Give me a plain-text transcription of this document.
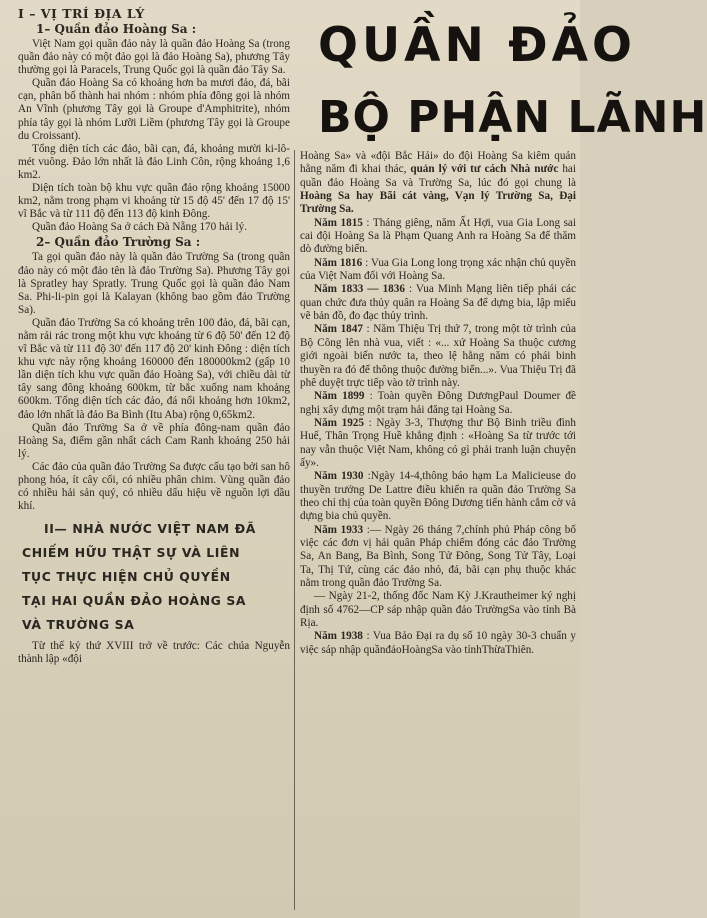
QUẦN ĐẢO
BỘ PHẬN LÃNH
I – VỊ TRÍ ĐỊA LÝ
1– Quần đảo Hoàng Sa :

Việt Nam gọi quần đảo này là quần đảo Hoàng Sa (trong quần đảo này có một đảo gọi là đảo Hoàng Sa), phương Tây thường gọi là Paracels, Trung Quốc gọi là quần đảo Tây Sa.

Quần đảo Hoàng Sa có khoảng hơn ba mươi đảo, đá, bãi cạn, phân bố thành hai nhóm : nhóm phía đông gọi là nhóm An Vĩnh (phương Tây gọi là Groupe d'Amphitrite), nhóm phía tây gọi là nhóm Lưỡi Liềm (phương Tây gọi là Groupe du Croissant).

Tổng diện tích các đảo, bãi cạn, đá, khoảng mười ki-lô-mét vuông. Đảo lớn nhất là đảo Linh Côn, rộng khoảng 1,6 km2.

Diện tích toàn bộ khu vực quần đảo rộng khoảng 15000 km2, nằm trong phạm vi khoảng từ 15 độ 45' đến 17 độ 15' vĩ Bắc và từ 111 độ đến 113 độ kinh Đông.

Quần đảo Hoàng Sa ở cách Đà Nẵng 170 hải lý.

2– Quần đảo Trường Sa :

Ta gọi quần đảo này là quần đảo Trường Sa (trong quần đảo này có một đảo tên là đảo Trường Sa). Phương Tây gọi là Spratley hay Spratly. Trung Quốc gọi là quần đảo Nam Sa. Phi-li-pin gọi là Kalayan (không bao gồm đảo Trường Sa).

Quần đảo Trường Sa có khoảng trên 100 đảo, đá, bãi cạn, nằm rải rác trong một khu vực khoảng từ 6 độ 50' đến 12 độ vĩ Bắc và từ 111 độ 30' đến 117 độ 20' kinh Đông : diện tích khu vực này rộng khoảng 160000 đến 180000km2 (gấp 10 lần diện tích khu vực quần đảo Hoàng Sa), với chiều dài từ tây sang đông khoảng 600km, từ bắc xuống nam khoảng 600km. Tổng diện tích các đảo, đá nổi khoảng hơn 10km2, đảo lớn nhất là đảo Ba Bình (Itu Aba) rộng 0,65km2.

Quần đảo Trường Sa ở về phía đông-nam quần đảo Hoàng Sa, điểm gần nhất cách Cam Ranh khoảng 250 hải lý.

Các đảo của quần đảo Trường Sa được cấu tạo bởi san hô phong hóa, ít cây cối, có nhiều phân chim. Vùng quần đảo có nhiều hải sản quý, có nhiều dấu hiệu về nguồn lợi dầu khí.

II— NHÀ NƯỚC VIỆT NAM ĐÃ
CHIẾM HỮU THẬT SỰ VÀ LIÊN
TỤC THỰC HIỆN CHỦ QUYỀN
TẠI HAI QUẦN ĐẢO HOÀNG SA
VÀ TRƯỜNG SA

Từ thế kỷ thứ XVIII trở về trước: Các chúa Nguyễn thành lập «đội

Hoàng Sa» và «đội Bắc Hải» do đội Hoàng Sa kiêm quản hằng năm đi khai thác, quản lý với tư cách Nhà nước hai quần đảo Hoàng Sa và Trường Sa, lúc đó gọi chung là Hoàng Sa hay Bãi cát vàng, Vạn lý Trường Sa, Đại Trường Sa.

Năm 1815 : Tháng giêng, năm Ất Hợi, vua Gia Long sai cai đội Hoàng Sa là Phạm Quang Anh ra Hoàng Sa để thăm dò đường biển.

Năm 1816 : Vua Gia Long long trọng xác nhận chủ quyền của Việt Nam đối với Hoàng Sa.

Năm 1833 — 1836 : Vua Minh Mạng liên tiếp phái các quan chức đưa thủy quân ra Hoàng Sa để dựng bia, lập miếu vẽ bản đồ, đo đạc thủy trình.

Năm 1847 : Năm Thiệu Trị thứ 7, trong một tờ trình của Bộ Công lên nhà vua, viết : «... xứ Hoàng Sa thuộc cương giới ngoài biển nước ta, theo lệ hằng năm có phái binh thuyền ra đó để thông thuộc đường biển...». Vua Thiệu Trị đã phê duyệt trực tiếp vào tờ trình này.

Năm 1899 : Toàn quyền Đông DươngPaul Doumer đề nghị xây dựng một trạm hải đăng tại Hoàng Sa.

Năm 1925 : Ngày 3-3, Thượng thư Bộ Binh triều đình Huế, Thân Trọng Huề khẳng định : «Hoàng Sa từ trước tới nay vẫn thuộc Việt Nam, không có gì phải tranh luận chuyện ấy».

Năm 1930 :Ngày 14-4,thông báo hạm La Malicieuse do thuyền trưởng De Lattre điều khiển ra quần đảo Trường Sa theo chỉ thị của toàn quyền Đông Dương tiến hành cắm cờ và dựng bia chủ quyền.

Năm 1933 :— Ngày 26 tháng 7,chính phủ Pháp công bố việc các đơn vị hải quân Pháp chiếm đóng các đảo Trường Sa, An Bang, Ba Bình, Song Tử Đông, Song Tử Tây, Loại Ta, Thị Tứ, cùng các đảo nhỏ, đá, bãi cạn phụ thuộc khác nằm trong quần đảo Trường Sa.

— Ngày 21-2, thống đốc Nam Kỳ J.Krautheimer ký nghị định số 4762—CP sáp nhập quần đảo TrườngSa vào tỉnh Bà Rịa.

Năm 1938 : Vua Bảo Đại ra dụ số 10 ngày 30-3 chuẩn y việc sáp nhập quầnđảoHoàngSa vào tỉnhThừaThiên.
